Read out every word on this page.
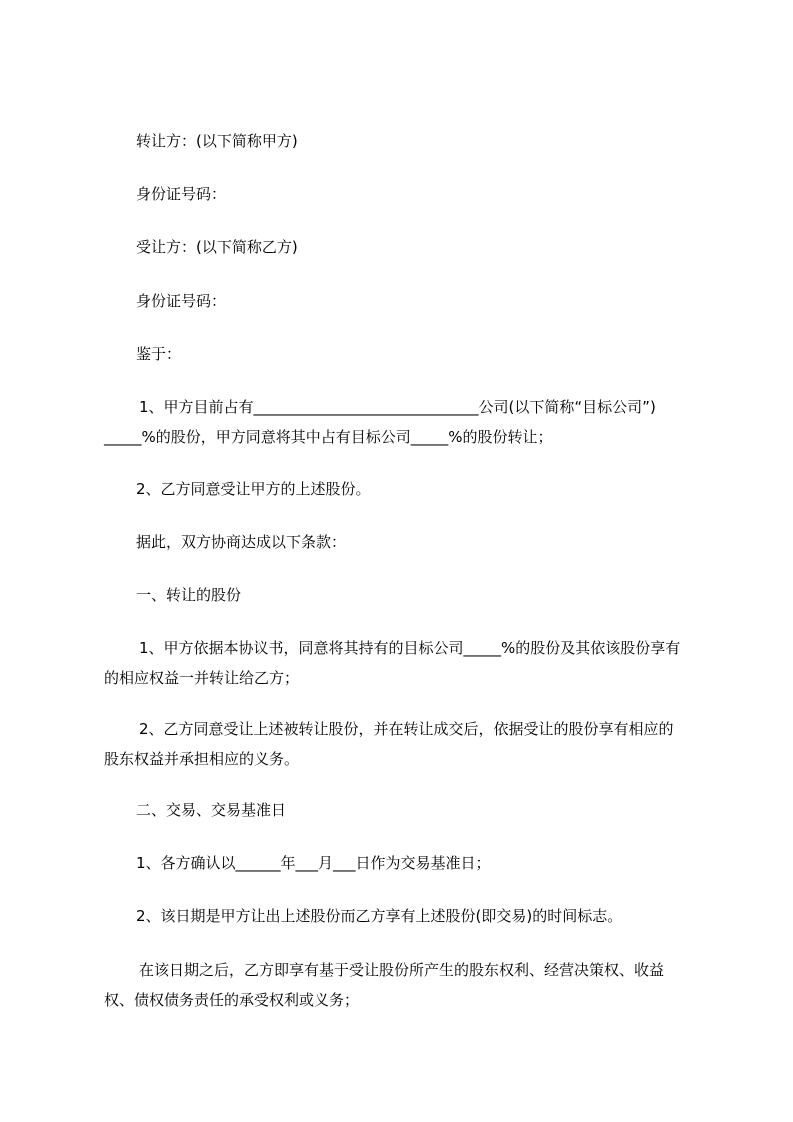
转让方：(以下简称甲方)

身份证号码：

受让方：(以下简称乙方)

身份证号码：

鉴于：

1、甲方目前占有______________________________公司(以下简称“目标公司”)
_____%的股份，甲方同意将其中占有目标公司_____%的股份转让；

2、乙方同意受让甲方的上述股份。

据此，双方协商达成以下条款：

一、转让的股份

1、甲方依据本协议书，同意将其持有的目标公司_____%的股份及其依该股份享有
的相应权益一并转让给乙方；

2、乙方同意受让上述被转让股份，并在转让成交后，依据受让的股份享有相应的
股东权益并承担相应的义务。

二、交易、交易基准日

1、各方确认以______年___月___日作为交易基准日；

2、该日期是甲方让出上述股份而乙方享有上述股份(即交易)的时间标志。

在该日期之后，乙方即享有基于受让股份所产生的股东权利、经营决策权、收益
权、债权债务责任的承受权利或义务；
